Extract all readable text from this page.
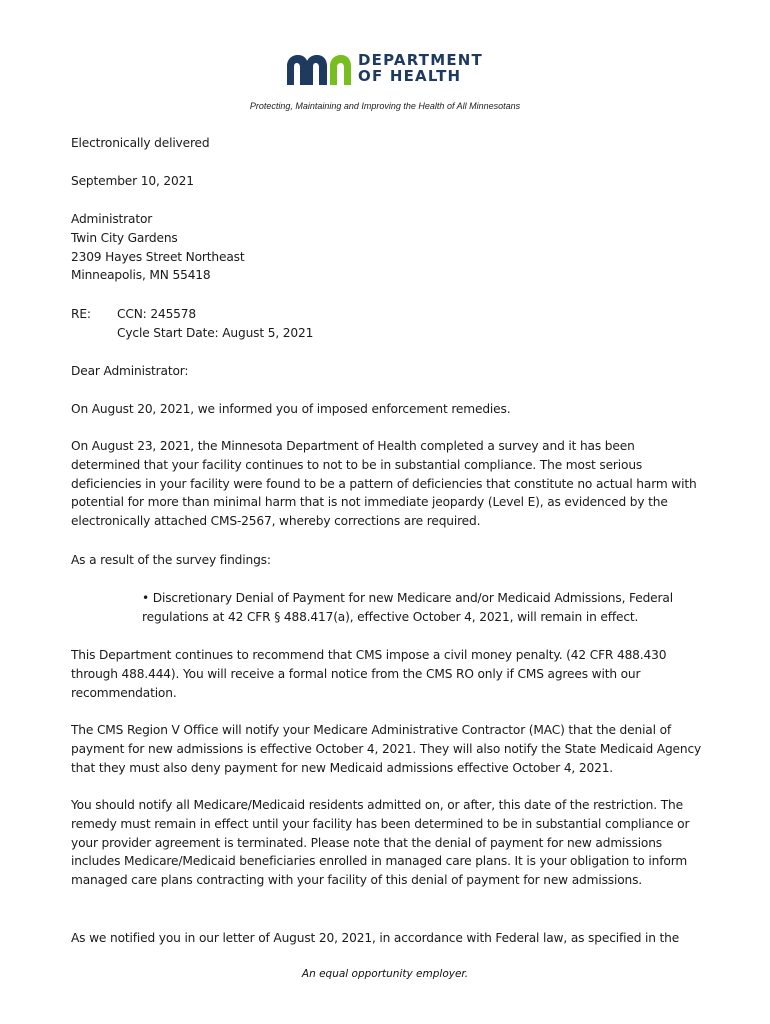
DEPARTMENT
OF HEALTH
Protecting, Maintaining and Improving the Health of All Minnesotans

Electronically delivered

September 10, 2021

Administrator

Twin City Gardens

2309 Hayes Street Northeast

Minneapolis, MN 55418

RE:	CCN: 245578
Cycle Start Date: August 5, 2021

Dear Administrator:

On August 20, 2021, we informed you of imposed enforcement remedies.

On August 23, 2021, the Minnesota Department of Health completed a survey and it has been determined that your facility continues to not to be in substantial compliance. The most serious deficiencies in your facility were found to be a pattern of deficiencies that constitute no actual harm with potential for more than minimal harm that is not immediate jeopardy (Level E), as evidenced by the electronically attached CMS-2567, whereby corrections are required.

As a result of the survey findings:

• Discretionary Denial of Payment for new Medicare and/or Medicaid Admissions, Federal regulations at 42 CFR § 488.417(a), effective October 4, 2021, will remain in effect.

This Department continues to recommend that CMS impose a civil money penalty. (42 CFR 488.430 through 488.444). You will receive a formal notice from the CMS RO only if CMS agrees with our recommendation.

The CMS Region V Office will notify your Medicare Administrative Contractor (MAC) that the denial of payment for new admissions is effective October 4, 2021. They will also notify the State Medicaid Agency that they must also deny payment for new Medicaid admissions effective October 4, 2021.

You should notify all Medicare/Medicaid residents admitted on, or after, this date of the restriction. The remedy must remain in effect until your facility has been determined to be in substantial compliance or your provider agreement is terminated. Please note that the denial of payment for new admissions includes Medicare/Medicaid beneficiaries enrolled in managed care plans. It is your obligation to inform managed care plans contracting with your facility of this denial of payment for new admissions.

As we notified you in our letter of August 20, 2021, in accordance with Federal law, as specified in the

An equal opportunity employer.
